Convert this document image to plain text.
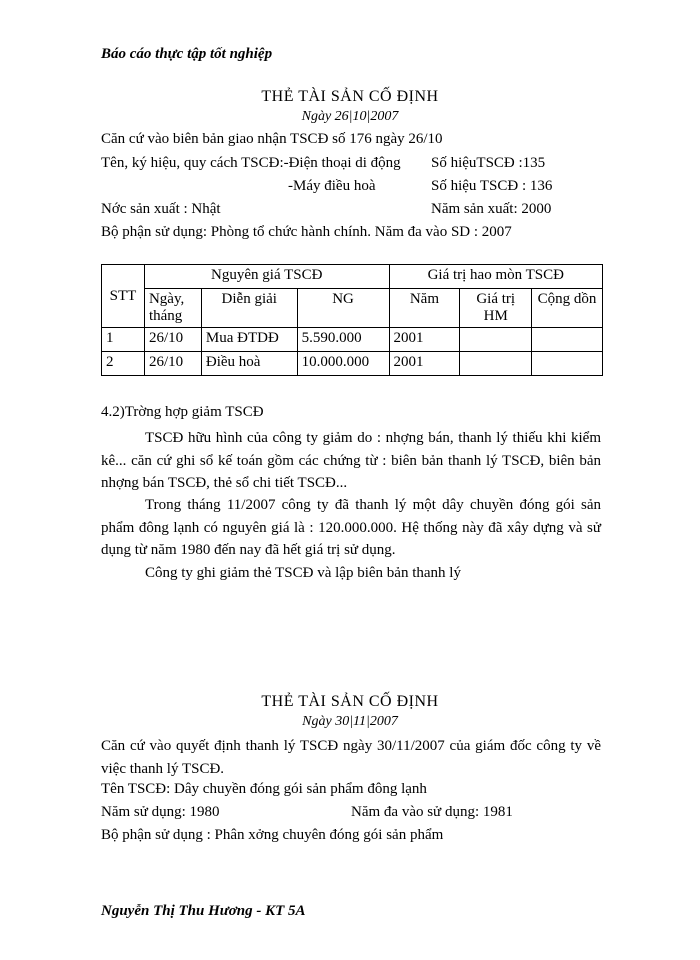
Báo cáo thực tập tốt nghiệp
THẺ TÀI SẢN CỐ ĐỊNH
Ngày 26|10|2007
Căn cứ vào biên bản giao nhận TSCĐ số 176 ngày 26/10
Tên, ký hiệu, quy cách TSCĐ:-Điện thoại di động Số hiệuTSCĐ :135
-Máy điều hoà	Số hiệu TSCĐ : 136
Nớc sản xuất : Nhật	Năm sản xuất: 2000
Bộ phận sử dụng: Phòng tổ chức hành chính. Năm đa vào SD : 2007
STT	Nguyên giá TSCĐ			Giá trị hao mòn TSCĐ		
	Ngày, tháng	Diễn giải	NG	Năm	Giá trị HM	Cộng dồn
1	26/10	Mua ĐTDĐ	5.590.000	2001		
2	26/10	Điều hoà	10.000.000	2001		
4.2)Trờng hợp giảm TSCĐ
TSCĐ hữu hình của công ty giảm do : nhợng bán, thanh lý thiếu khi kiểm kê... căn cứ ghi sổ kế toán gồm các chứng từ : biên bản thanh lý TSCĐ, biên bản nhợng bán TSCĐ, thẻ sổ chi tiết TSCĐ...
Trong tháng 11/2007 công ty đã thanh lý một dây chuyền đóng gói sản phẩm đông lạnh có nguyên giá là : 120.000.000. Hệ thống này đã xây dựng và sử dụng từ năm 1980 đến nay đã hết giá trị sử dụng.
Công ty ghi giảm thẻ TSCĐ và lập biên bản thanh lý
THẺ TÀI SẢN CỐ ĐỊNH
Ngày 30|11|2007
Căn cứ vào quyết định thanh lý TSCĐ ngày 30/11/2007 của giám đốc công ty về việc thanh lý TSCĐ.
Tên TSCĐ: Dây chuyền đóng gói sản phẩm đông lạnh
Năm sử dụng: 1980	Năm đa vào sử dụng: 1981
Bộ phận sử dụng : Phân xởng chuyên đóng gói sản phẩm
Nguyễn Thị Thu Hương - KT 5A
